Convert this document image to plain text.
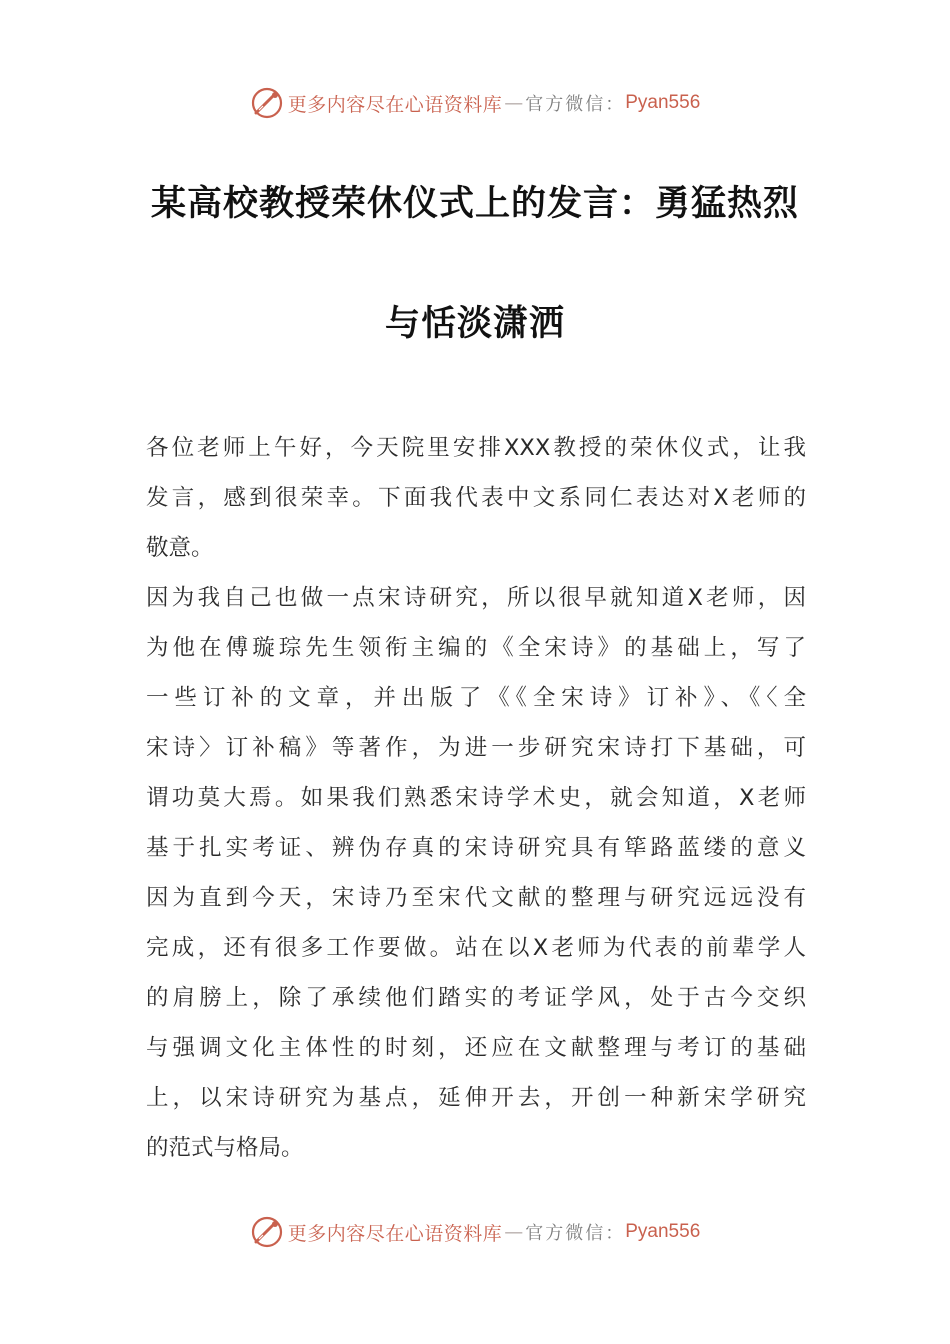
更多内容尽在心语资料库 — 官方微信： Pyan556
某高校教授荣休仪式上的发言：勇猛热烈
与恬淡潇洒
各位老师上午好，今天院里安排XXX教授的荣休仪式，让我
发言，感到很荣幸。下面我代表中文系同仁表达对X老师的
敬意。
因为我自己也做一点宋诗研究，所以很早就知道X老师，因
为他在傅璇琮先生领衔主编的《全宋诗》的基础上，写了
一些订补的文章，并出版了《《全宋诗》订补》、《〈全
宋诗〉订补稿》等著作，为进一步研究宋诗打下基础，可
谓功莫大焉。如果我们熟悉宋诗学术史，就会知道，X老师
基于扎实考证、辨伪存真的宋诗研究具有筚路蓝缕的意义
因为直到今天，宋诗乃至宋代文献的整理与研究远远没有
完成，还有很多工作要做。站在以X老师为代表的前辈学人
的肩膀上，除了承续他们踏实的考证学风，处于古今交织
与强调文化主体性的时刻，还应在文献整理与考订的基础
上，以宋诗研究为基点，延伸开去，开创一种新宋学研究
的范式与格局。
更多内容尽在心语资料库 — 官方微信： Pyan556
